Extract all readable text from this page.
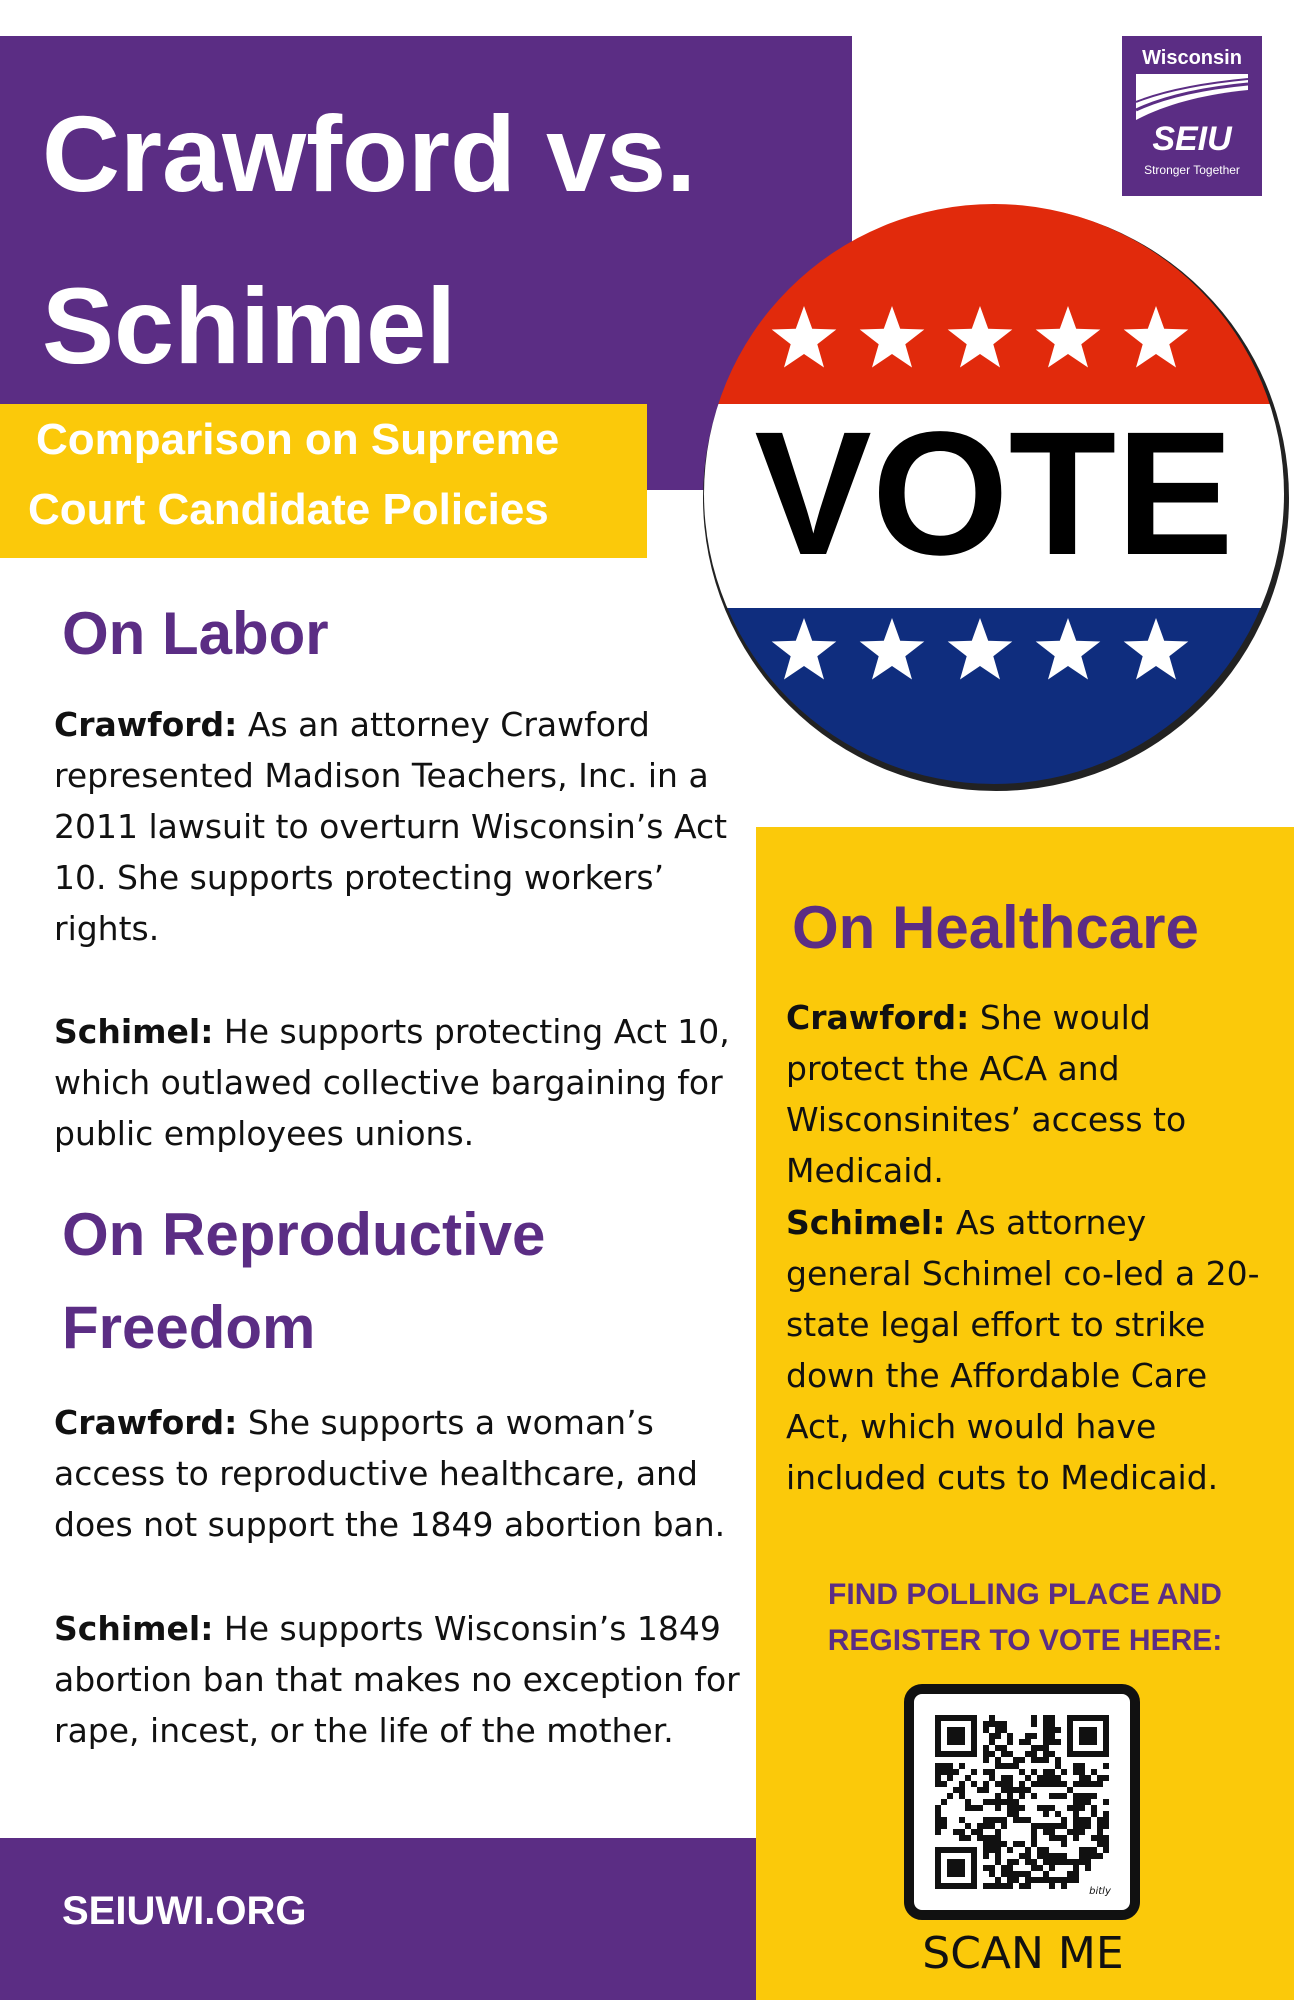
Crawford vs.
Schimel
Comparison on Supreme
Court Candidate Policies VOTE
Wisconsin
SEIU
Stronger Together
On Labor
Crawford: As an attorney Crawford represented Madison Teachers, Inc. in a 2011 lawsuit to overturn Wisconsin’s Act 10. She supports protecting workers’ rights.
Schimel: He supports protecting Act 10, which outlawed collective bargaining for public employees unions.
On Reproductive
Freedom
Crawford: She supports a woman’s access to reproductive healthcare, and does not support the 1849 abortion ban.
Schimel: He supports Wisconsin’s 1849 abortion ban that makes no exception for rape, incest, or the life of the mother.
On Healthcare
Crawford: She would protect the ACA and Wisconsinites’ access to Medicaid.
Schimel: As attorney general Schimel co-led a 20-state legal effort to strike down the Affordable Care Act, which would have included cuts to Medicaid.
FIND POLLING PLACE AND
REGISTER TO VOTE HERE:
bitly
SCAN ME
SEIUWI.ORG
